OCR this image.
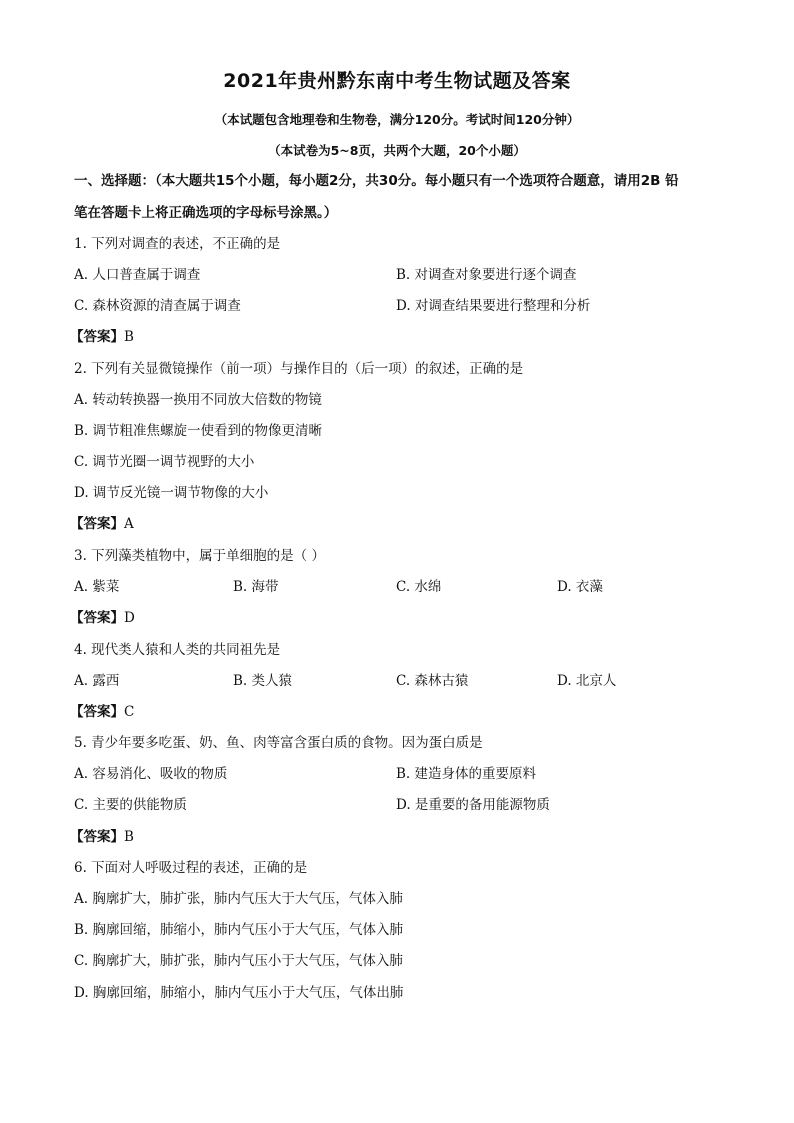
2021年贵州黔东南中考生物试题及答案
（本试题包含地理卷和生物卷，满分120分。考试时间120分钟）
（本试卷为5~8页，共两个大题，20个小题）
一、选择题：（本大题共15个小题，每小题2分，共30分。每小题只有一个选项符合题意，请用2B 铅
笔在答题卡上将正确选项的字母标号涂黑。）
1. 下列对调查的表述，不正确的是
A. 人口普查属于调查	B. 对调查对象要进行逐个调查
C. 森林资源的清查属于调查	D. 对调查结果要进行整理和分析
【答案】B
2. 下列有关显微镜操作（前一项）与操作目的（后一项）的叙述，正确的是
A. 转动转换器一换用不同放大倍数的物镜
B. 调节粗准焦螺旋一使看到的物像更清晰
C. 调节光圈一调节视野的大小
D. 调节反光镜一调节物像的大小
【答案】A
3. 下列藻类植物中，属于单细胞的是（ ）
A. 紫菜	B. 海带	C. 水绵	D. 衣藻
【答案】D
4. 现代类人猿和人类的共同祖先是
A. 露西	B. 类人猿	C. 森林古猿	D. 北京人
【答案】C
5. 青少年要多吃蛋、奶、鱼、肉等富含蛋白质的食物。因为蛋白质是
A. 容易消化、吸收的物质	B. 建造身体的重要原料
C. 主要的供能物质	D. 是重要的备用能源物质
【答案】B
6. 下面对人呼吸过程的表述，正确的是
A. 胸廓扩大，肺扩张，肺内气压大于大气压，气体入肺
B. 胸廓回缩，肺缩小，肺内气压小于大气压，气体入肺
C. 胸廓扩大，肺扩张，肺内气压小于大气压，气体入肺
D. 胸廓回缩，肺缩小，肺内气压小于大气压，气体出肺
